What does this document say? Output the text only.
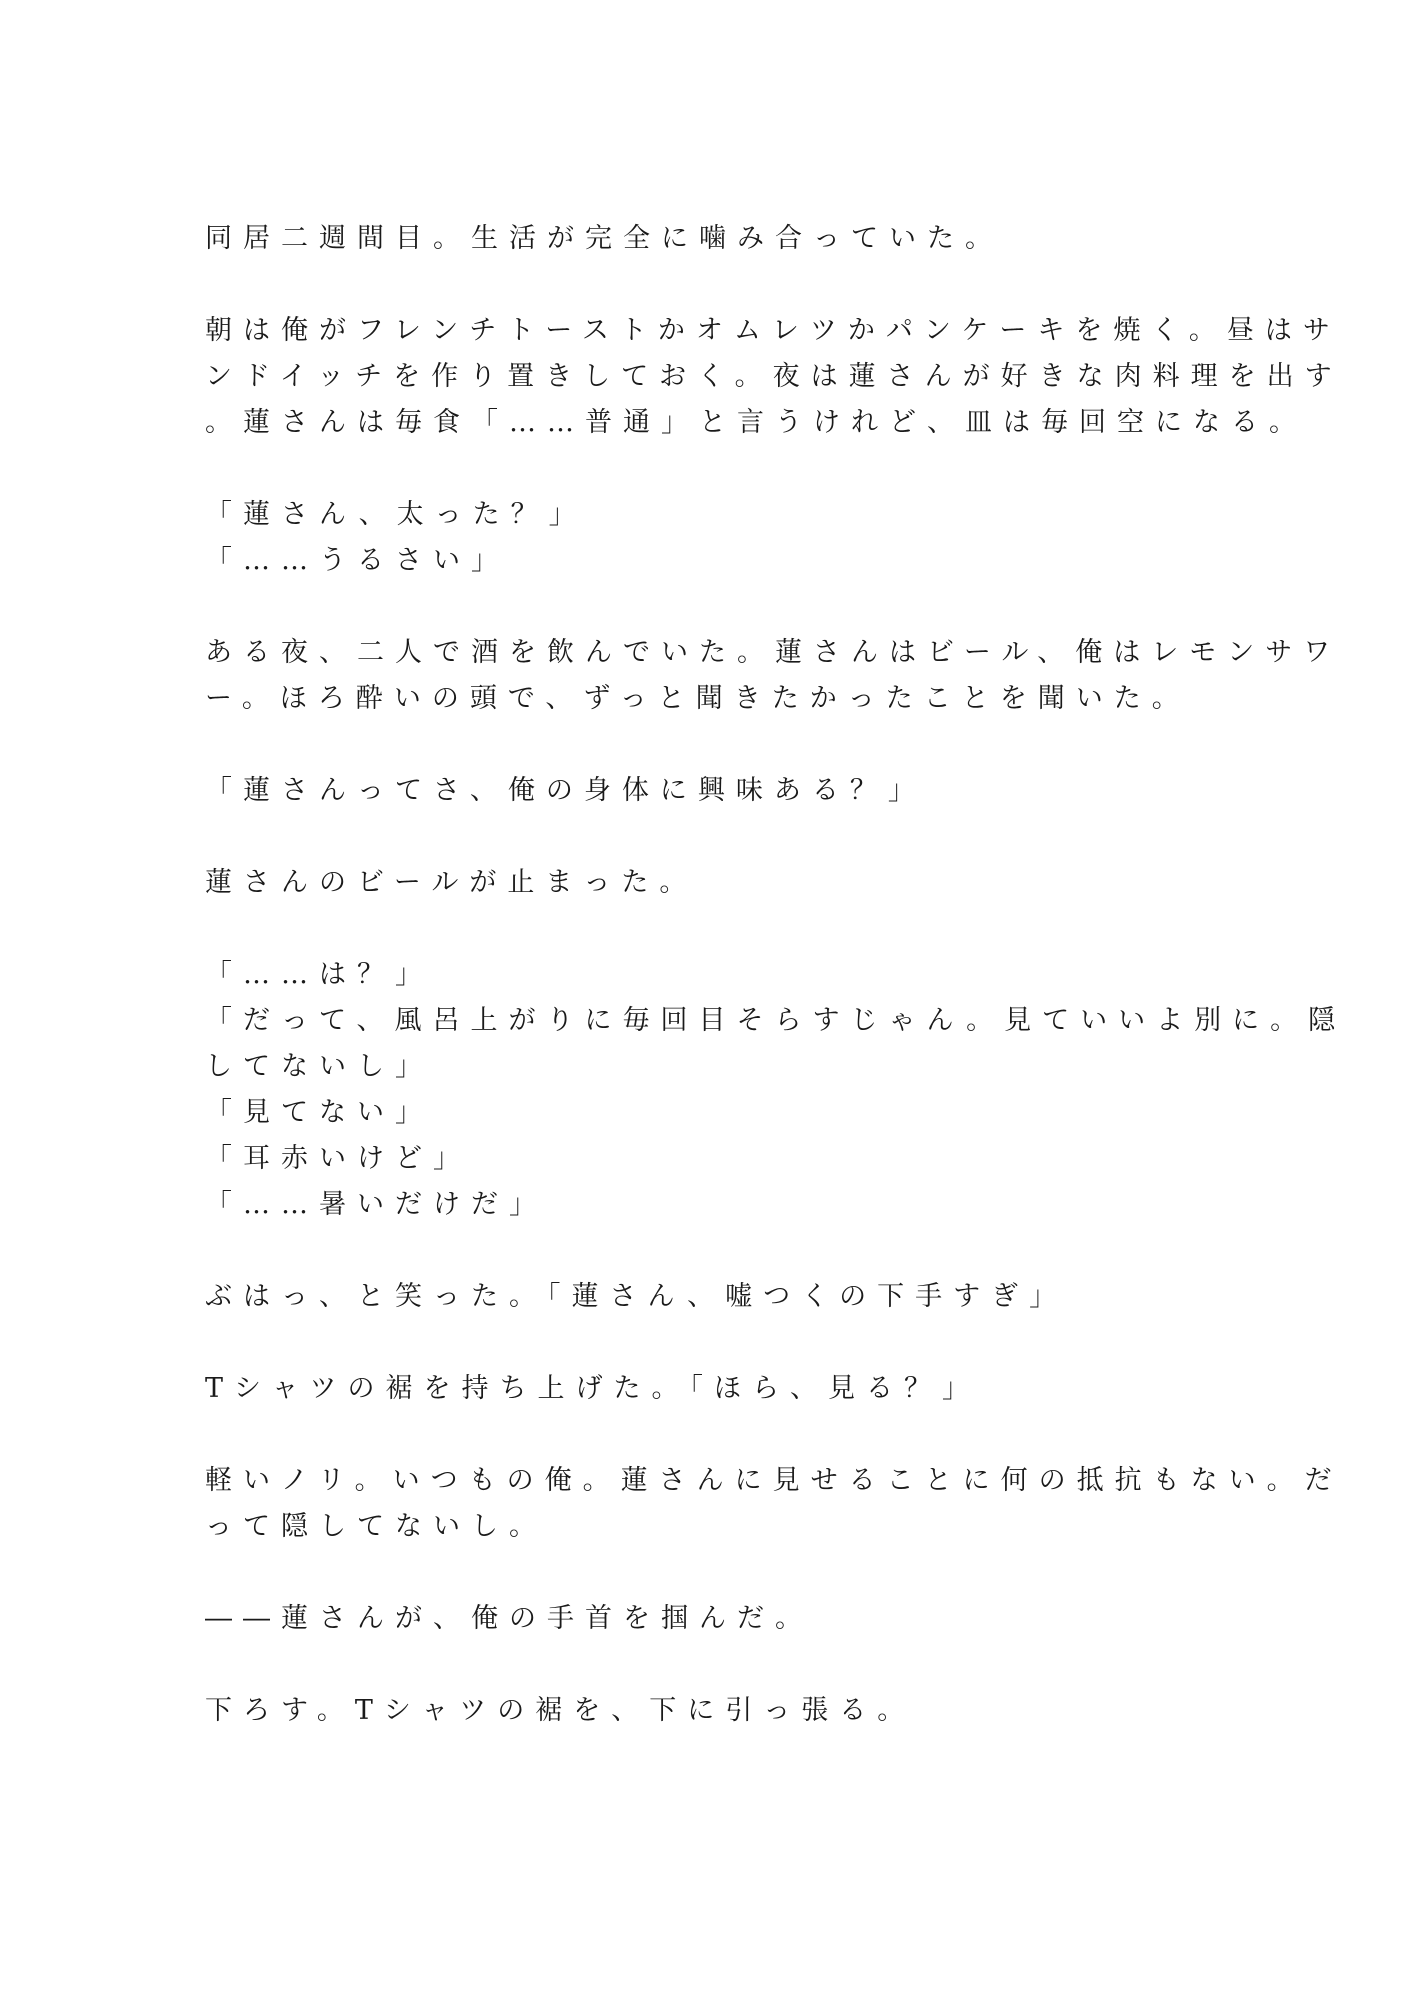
同居二週間目。生活が完全に噛み合っていた。
朝は俺がフレンチトーストかオムレツかパンケーキを焼く。昼はサ
ンドイッチを作り置きしておく。夜は蓮さんが好きな肉料理を出す
。蓮さんは毎食「……普通」と言うけれど、皿は毎回空になる。
「蓮さん、太った？」
「……うるさい」
ある夜、二人で酒を飲んでいた。蓮さんはビール、俺はレモンサワ
ー。ほろ酔いの頭で、ずっと聞きたかったことを聞いた。
「蓮さんってさ、俺の身体に興味ある？」
蓮さんのビールが止まった。
「……は？」
「だって、風呂上がりに毎回目そらすじゃん。見ていいよ別に。隠
してないし」
「見てない」
「耳赤いけど」
「……暑いだけだ」
ぶはっ、と笑った。「蓮さん、嘘つくの下手すぎ」
Tシャツの裾を持ち上げた。「ほら、見る？」
軽いノリ。いつもの俺。蓮さんに見せることに何の抵抗もない。だ
って隠してないし。
――蓮さんが、俺の手首を掴んだ。
下ろす。Tシャツの裾を、下に引っ張る。
